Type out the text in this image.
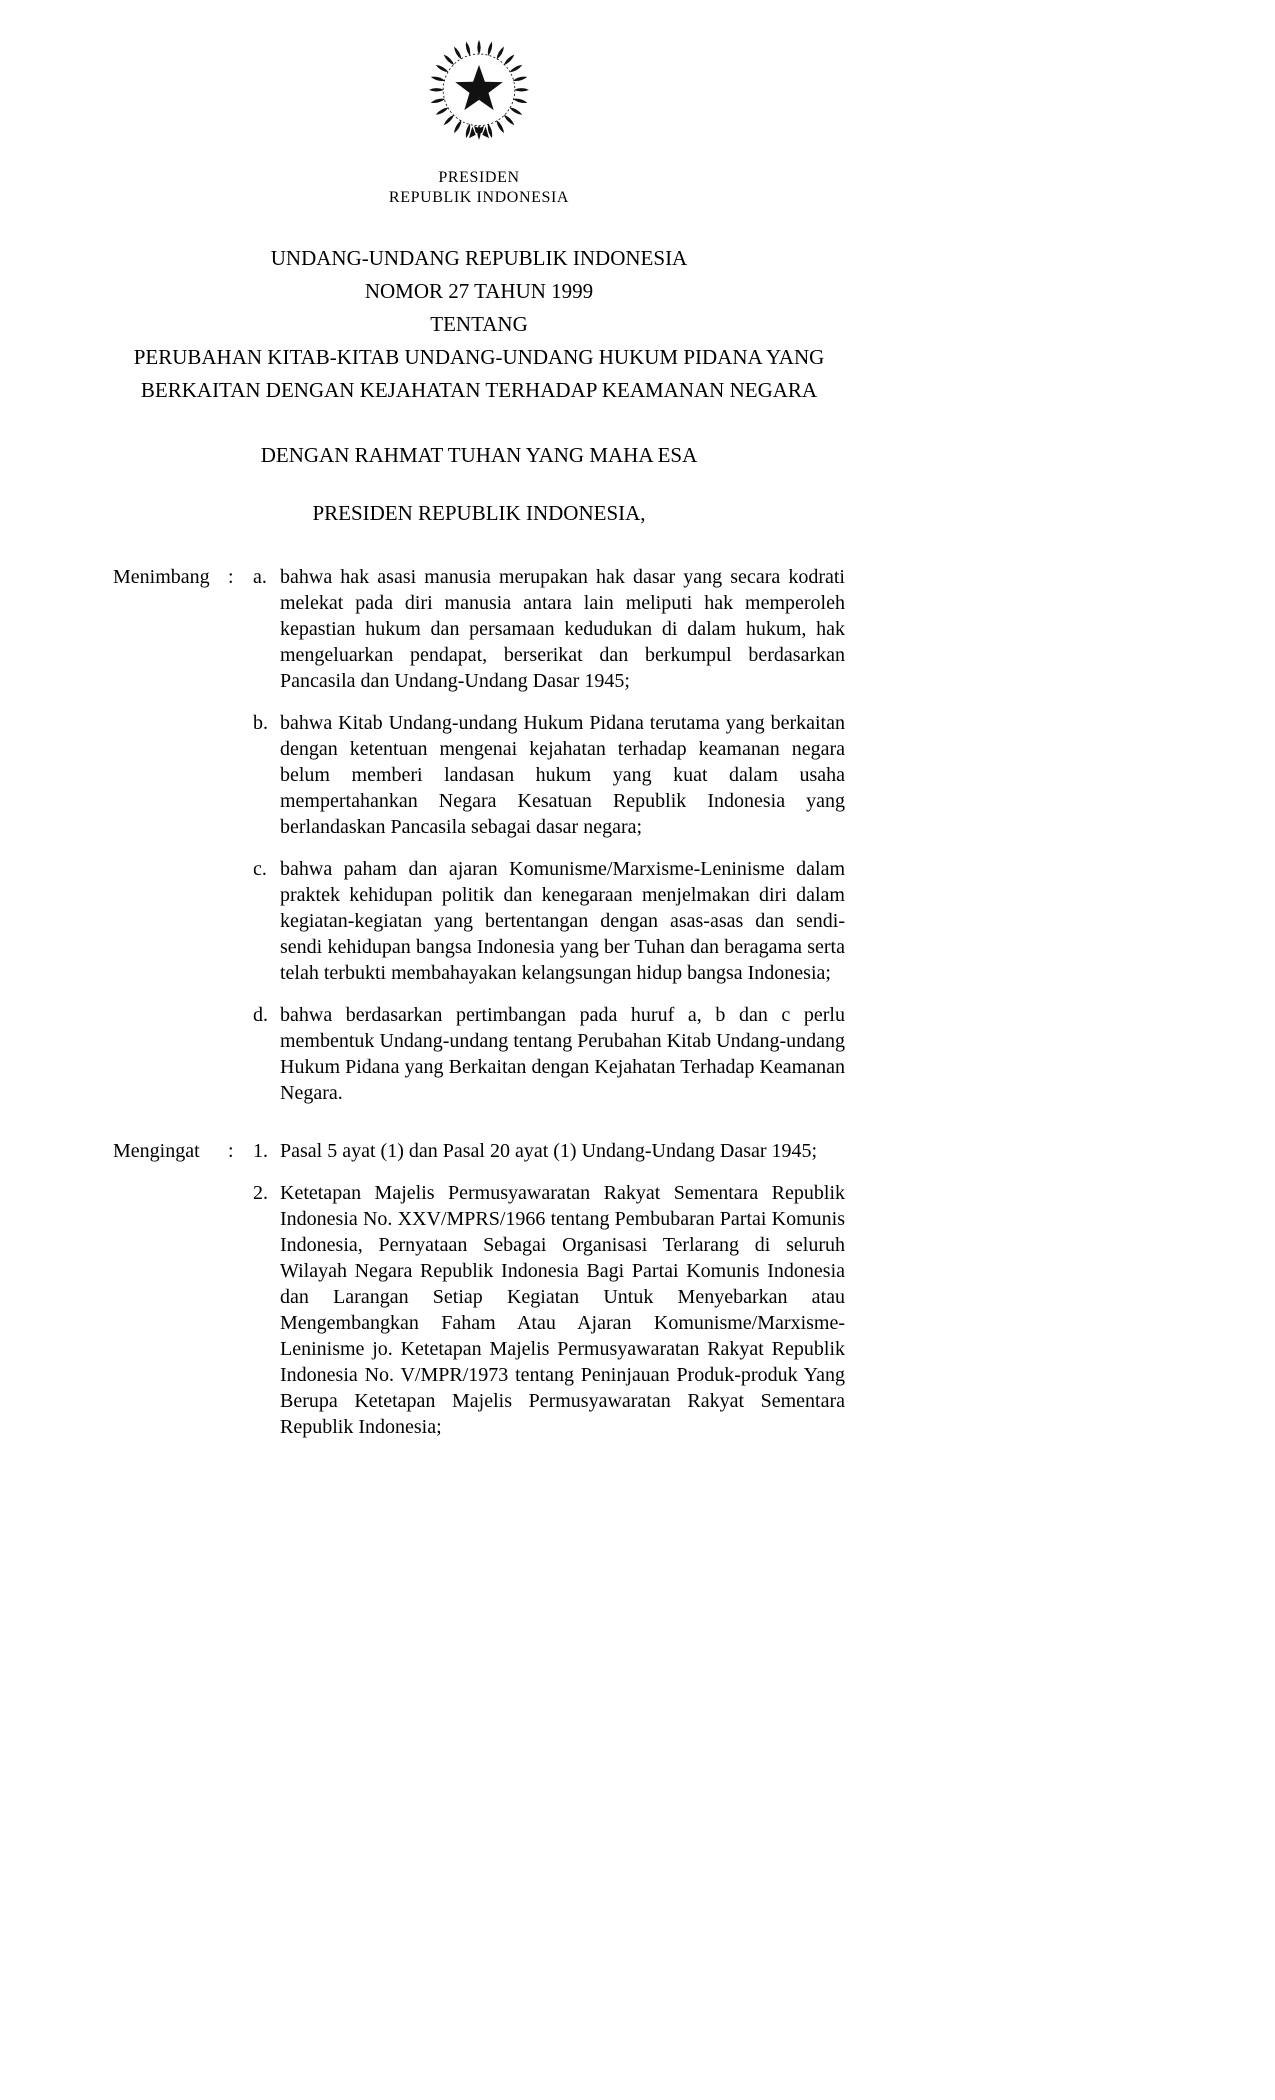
PRESIDEN
REPUBLIK INDONESIA
UNDANG-UNDANG REPUBLIK INDONESIA
NOMOR 27 TAHUN 1999
TENTANG
PERUBAHAN KITAB-KITAB UNDANG-UNDANG HUKUM PIDANA YANG
BERKAITAN DENGAN KEJAHATAN TERHADAP KEAMANAN NEGARA
DENGAN RAHMAT TUHAN YANG MAHA ESA
PRESIDEN REPUBLIK INDONESIA,
Menimbang : a. bahwa hak asasi manusia merupakan hak dasar yang secara kodrati melekat pada diri manusia antara lain meliputi hak memperoleh kepastian hukum dan persamaan kedudukan di dalam hukum, hak mengeluarkan pendapat, berserikat dan berkumpul berdasarkan Pancasila dan Undang-Undang Dasar 1945;
b. bahwa Kitab Undang-undang Hukum Pidana terutama yang berkaitan dengan ketentuan mengenai kejahatan terhadap keamanan negara belum memberi landasan hukum yang kuat dalam usaha mempertahankan Negara Kesatuan Republik Indonesia yang berlandaskan Pancasila sebagai dasar negara;
c. bahwa paham dan ajaran Komunisme/Marxisme-Leninisme dalam praktek kehidupan politik dan kenegaraan menjelmakan diri dalam kegiatan-kegiatan yang bertentangan dengan asas-asas dan sendi-sendi kehidupan bangsa Indonesia yang ber Tuhan dan beragama serta telah terbukti membahayakan kelangsungan hidup bangsa Indonesia;
d. bahwa berdasarkan pertimbangan pada huruf a, b dan c perlu membentuk Undang-undang tentang Perubahan Kitab Undang-undang Hukum Pidana yang Berkaitan dengan Kejahatan Terhadap Keamanan Negara.
Mengingat	: 1. Pasal 5 ayat (1) dan Pasal 20 ayat (1) Undang-Undang Dasar 1945;
2. Ketetapan Majelis Permusyawaratan Rakyat Sementara Republik Indonesia No. XXV/MPRS/1966 tentang Pembubaran Partai Komunis Indonesia, Pernyataan Sebagai Organisasi Terlarang di seluruh Wilayah Negara Republik Indonesia Bagi Partai Komunis Indonesia dan Larangan Setiap Kegiatan Untuk Menyebarkan atau Mengembangkan Faham Atau Ajaran Komunisme/Marxisme-Leninisme jo. Ketetapan Majelis Permusyawaratan Rakyat Republik Indonesia No. V/MPR/1973 tentang Peninjauan Produk-produk Yang Berupa Ketetapan Majelis Permusyawaratan Rakyat Sementara Republik Indonesia;
